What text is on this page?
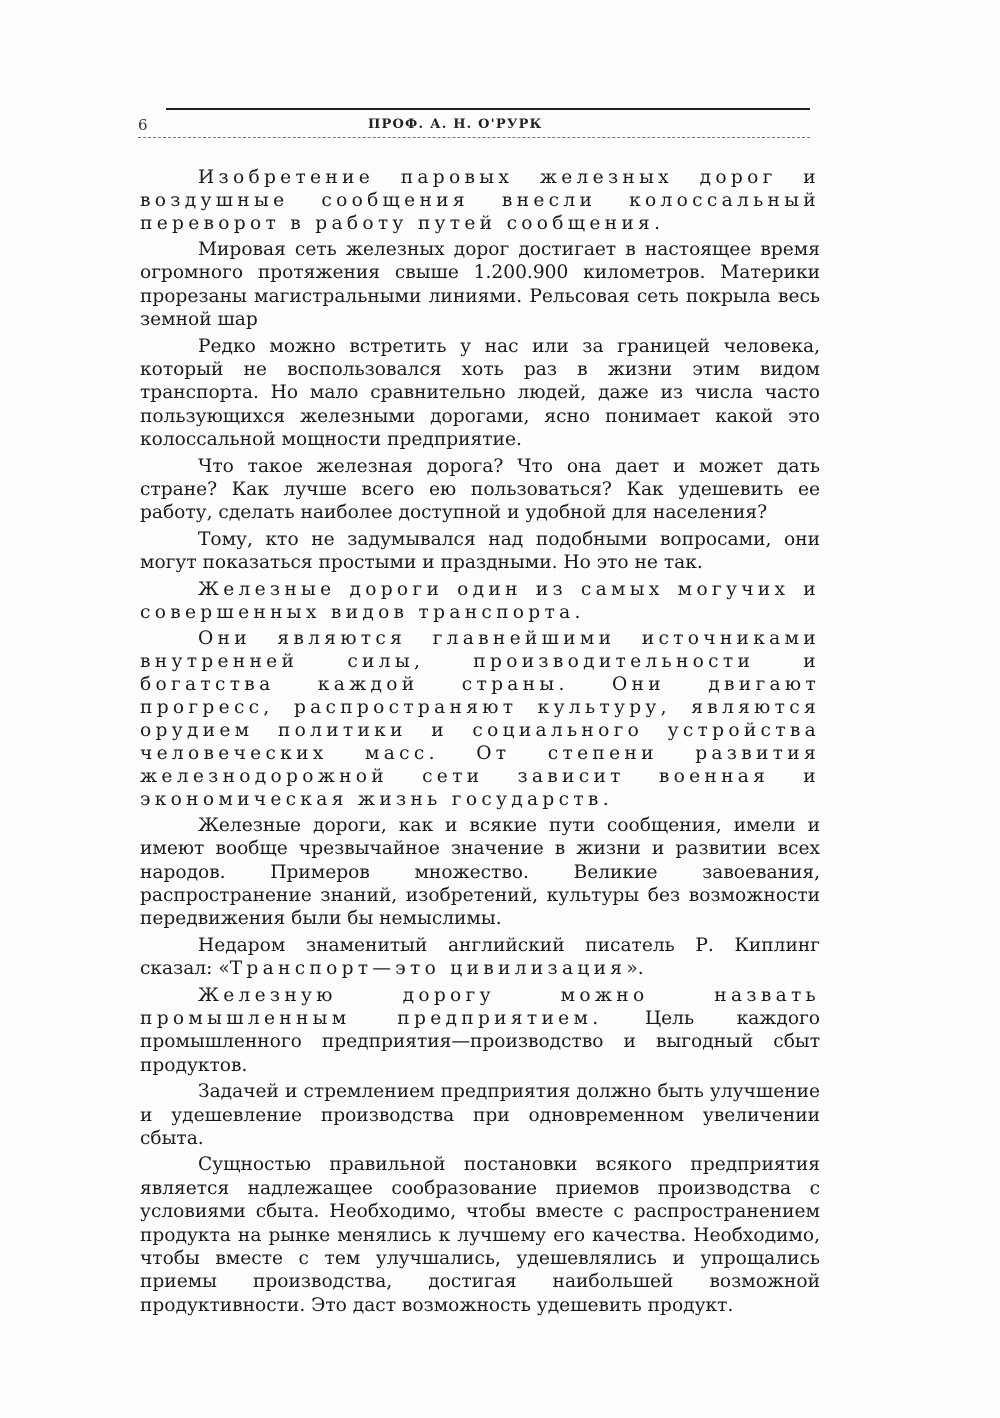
6	ПРОФ. А. Н. О'РУРК

Изобретение паровых железных дорог и воздушные сообщения внесли колоссальный переворот в работу путей сообщения.

Мировая сеть железных дорог достигает в настоящее время огромного протяжения свыше 1.200.900 километров. Материки прорезаны магистральными линиями. Рельсовая сеть покрыла весь земной шар

Редко можно встретить у нас или за границей человека, который не воспользовался хоть раз в жизни этим видом транспорта. Но мало сравнительно людей, даже из числа часто пользующихся железными дорогами, ясно понимает какой это колоссальной мощности предприятие.

Что такое железная дорога? Что она дает и может дать стране? Как лучше всего ею пользоваться? Как удешевить ее работу, сделать наиболее доступной и удобной для населения?

Тому, кто не задумывался над подобными вопросами, они могут показаться простыми и праздными. Но это не так.

Железные дороги один из самых могучих и совершенных видов транспорта.

Они являются главнейшими источниками внутренней силы, производительности и богатства каждой страны. Они двигают прогресс, распространяют культуру, являются орудием политики и социального устройства человеческих масс. От степени развития железнодорожной сети зависит военная и экономическая жизнь государств.

Железные дороги, как и всякие пути сообщения, имели и имеют вообще чрезвычайное значение в жизни и развитии всех народов. Примеров множество. Великие завоевания, распространение знаний, изобретений, культуры без возможности передвижения были бы немыслимы.

Недаром знаменитый английский писатель Р. Киплинг сказал: «Транспорт—это цивилизация».

Железную дорогу можно назвать промышленным предприятием. Цель каждого промышленного предприятия—производство и выгодный сбыт продуктов.

Задачей и стремлением предприятия должно быть улучшение и удешевление производства при одновременном увеличении сбыта.

Сущностью правильной постановки всякого предприятия является надлежащее сообразование приемов производства с условиями сбыта. Необходимо, чтобы вместе с распространением продукта на рынке менялись к лучшему его качества. Необходимо, чтобы вместе с тем улучшались, удешевлялись и упрощались приемы производства, достигая наибольшей возможной продуктивности. Это даст возможность удешевить продукт.
